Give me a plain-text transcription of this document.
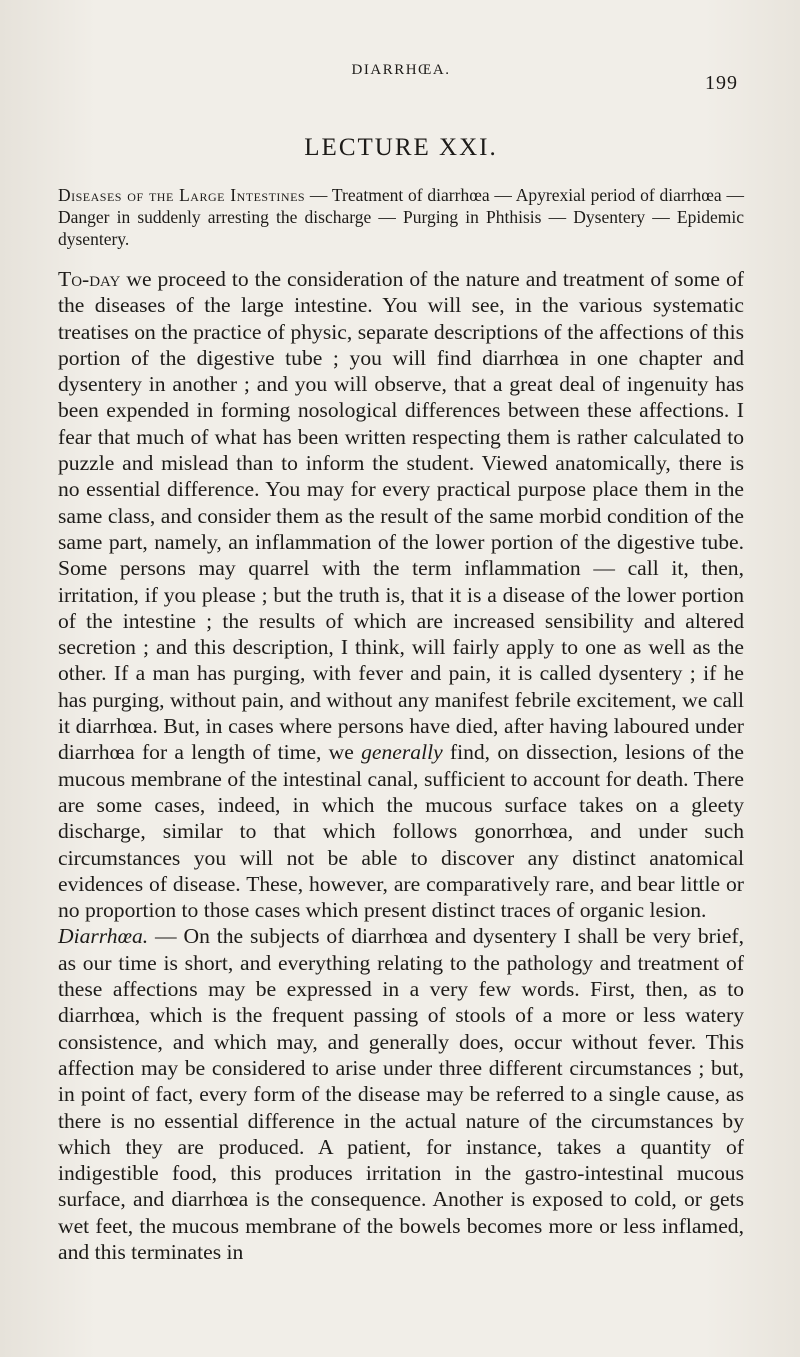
DIARRHŒA.
199
LECTURE XXI.

Diseases of the Large Intestines — Treatment of diarrhœa — Apyrexial period of diarrhœa — Danger in suddenly arresting the discharge — Purging in Phthisis — Dysentery — Epidemic dysentery.

To-day we proceed to the consideration of the nature and treatment of some of the diseases of the large intestine. You will see, in the various systematic treatises on the practice of physic, separate descriptions of the affections of this portion of the digestive tube ; you will find diarrhœa in one chapter and dysentery in another ; and you will observe, that a great deal of ingenuity has been expended in forming nosological differences between these affections. I fear that much of what has been written respecting them is rather calculated to puzzle and mislead than to inform the student. Viewed anatomically, there is no essential difference. You may for every practical purpose place them in the same class, and consider them as the result of the same morbid condition of the same part, namely, an inflammation of the lower portion of the digestive tube. Some persons may quarrel with the term inflammation — call it, then, irritation, if you please ; but the truth is, that it is a disease of the lower portion of the intestine ; the results of which are increased sensibility and altered secretion ; and this description, I think, will fairly apply to one as well as the other. If a man has purging, with fever and pain, it is called dysentery ; if he has purging, without pain, and without any manifest febrile excitement, we call it diarrhœa. But, in cases where persons have died, after having laboured under diarrhœa for a length of time, we generally find, on dissection, lesions of the mucous membrane of the intestinal canal, sufficient to account for death. There are some cases, indeed, in which the mucous surface takes on a gleety discharge, similar to that which follows gonorrhœa, and under such circumstances you will not be able to discover any distinct anatomical evidences of disease. These, however, are comparatively rare, and bear little or no proportion to those cases which present distinct traces of organic lesion.

Diarrhœa. — On the subjects of diarrhœa and dysentery I shall be very brief, as our time is short, and everything relating to the pathology and treatment of these affections may be expressed in a very few words. First, then, as to diarrhœa, which is the frequent passing of stools of a more or less watery consistence, and which may, and generally does, occur without fever. This affection may be considered to arise under three different circumstances ; but, in point of fact, every form of the disease may be referred to a single cause, as there is no essential difference in the actual nature of the circumstances by which they are produced. A patient, for instance, takes a quantity of indigestible food, this produces irritation in the gastro-intestinal mucous surface, and diarrhœa is the consequence. Another is exposed to cold, or gets wet feet, the mucous membrane of the bowels becomes more or less inflamed, and this terminates in
